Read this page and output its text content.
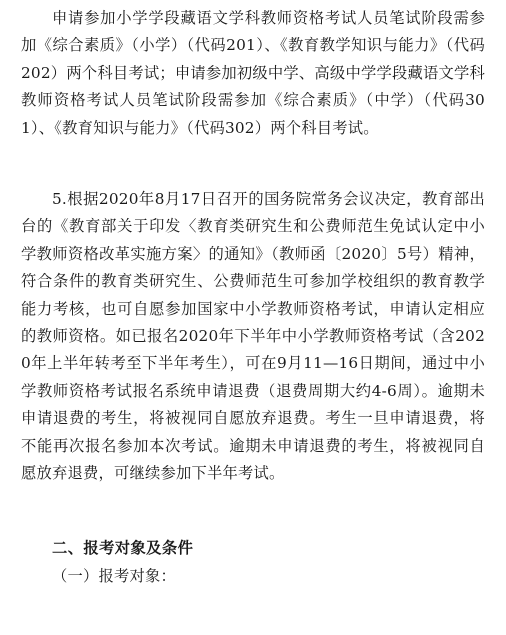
申请参加小学学段藏语文学科教师资格考试人员笔试阶段需参加《综合素质》（小学）（代码201）、《教育教学知识与能力》（代码202）两个科目考试；申请参加初级中学、高级中学学段藏语文学科教师资格考试人员笔试阶段需参加《综合素质》（中学）（代码301）、《教育知识与能力》（代码302）两个科目考试。

5.根据2020年8月17日召开的国务院常务会议决定，教育部出台的《教育部关于印发〈教育类研究生和公费师范生免试认定中小学教师资格改革实施方案〉的通知》（教师函〔2020〕5号）精神，符合条件的教育类研究生、公费师范生可参加学校组织的教育教学能力考核，也可自愿参加国家中小学教师资格考试，申请认定相应的教师资格。如已报名2020年下半年中小学教师资格考试（含2020年上半年转考至下半年考生），可在9月11—16日期间，通过中小学教师资格考试报名系统申请退费（退费周期大约4-6周）。逾期未申请退费的考生，将被视同自愿放弃退费。考生一旦申请退费，将不能再次报名参加本次考试。逾期未申请退费的考生，将被视同自愿放弃退费，可继续参加下半年考试。

二、报考对象及条件

（一）报考对象：
